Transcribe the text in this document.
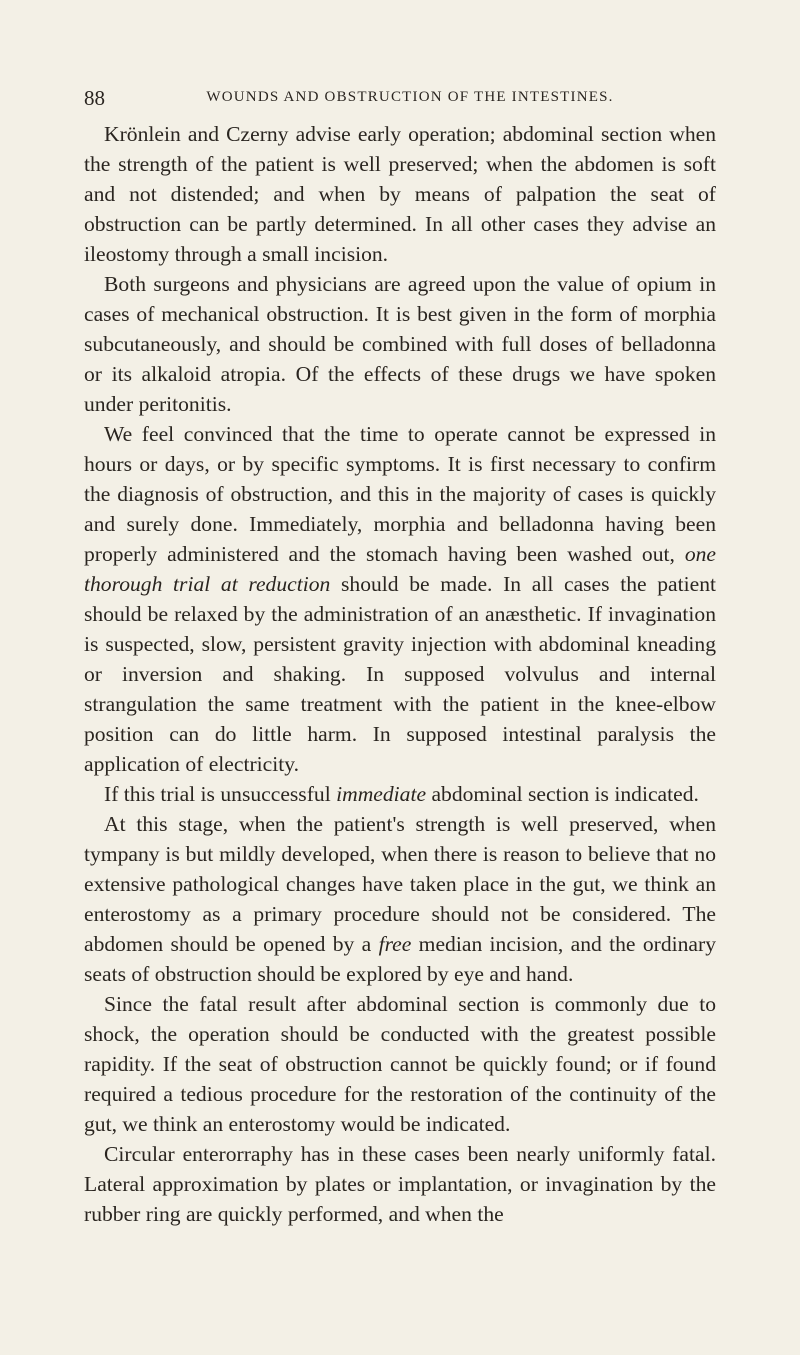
88	WOUNDS AND OBSTRUCTION OF THE INTESTINES.

Krönlein and Czerny advise early operation; abdominal section when the strength of the patient is well preserved; when the abdomen is soft and not distended; and when by means of palpation the seat of obstruction can be partly determined. In all other cases they advise an ileostomy through a small incision.

Both surgeons and physicians are agreed upon the value of opium in cases of mechanical obstruction. It is best given in the form of morphia subcutaneously, and should be combined with full doses of belladonna or its alkaloid atropia. Of the effects of these drugs we have spoken under peritonitis.

We feel convinced that the time to operate cannot be expressed in hours or days, or by specific symptoms. It is first necessary to confirm the diagnosis of obstruction, and this in the majority of cases is quickly and surely done. Immediately, morphia and belladonna having been properly administered and the stomach having been washed out, one thorough trial at reduction should be made. In all cases the patient should be relaxed by the administration of an anæsthetic. If invagination is suspected, slow, persistent gravity injection with abdominal kneading or inversion and shaking. In supposed volvulus and internal strangulation the same treatment with the patient in the knee-elbow position can do little harm. In supposed intestinal paralysis the application of electricity.

If this trial is unsuccessful immediate abdominal section is indicated.

At this stage, when the patient's strength is well preserved, when tympany is but mildly developed, when there is reason to believe that no extensive pathological changes have taken place in the gut, we think an enterostomy as a primary procedure should not be considered. The abdomen should be opened by a free median incision, and the ordinary seats of obstruction should be explored by eye and hand.

Since the fatal result after abdominal section is commonly due to shock, the operation should be conducted with the greatest possible rapidity. If the seat of obstruction cannot be quickly found; or if found required a tedious procedure for the restoration of the continuity of the gut, we think an enterostomy would be indicated.

Circular enterorraphy has in these cases been nearly uniformly fatal. Lateral approximation by plates or implantation, or invagination by the rubber ring are quickly performed, and when the
